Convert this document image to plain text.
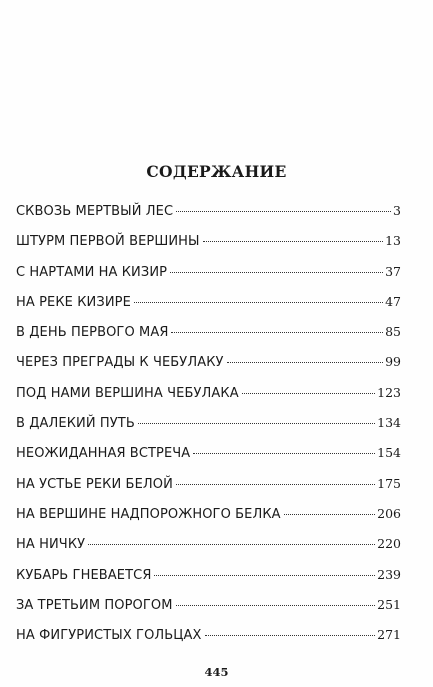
СОДЕРЖАНИЕ
СКВОЗЬ МЕРТВЫЙ ЛЕС	3
ШТУРМ ПЕРВОЙ ВЕРШИНЫ	13
С НАРТАМИ НА КИЗИР	37
НА РЕКЕ КИЗИРЕ	47
В ДЕНЬ ПЕРВОГО МАЯ	85
ЧЕРЕЗ ПРЕГРАДЫ К ЧЕБУЛАКУ	99
ПОД НАМИ ВЕРШИНА ЧЕБУЛАКА	123
В ДАЛЕКИЙ ПУТЬ	134
НЕОЖИДАННАЯ ВСТРЕЧА	154
НА УСТЬЕ РЕКИ БЕЛОЙ	175
НА ВЕРШИНЕ НАДПОРОЖНОГО БЕЛКА	206
НА НИЧКУ	220
КУБАРЬ ГНЕВАЕТСЯ	239
ЗА ТРЕТЬИМ ПОРОГОМ	251
НА ФИГУРИСТЫХ ГОЛЬЦАХ	271
445
